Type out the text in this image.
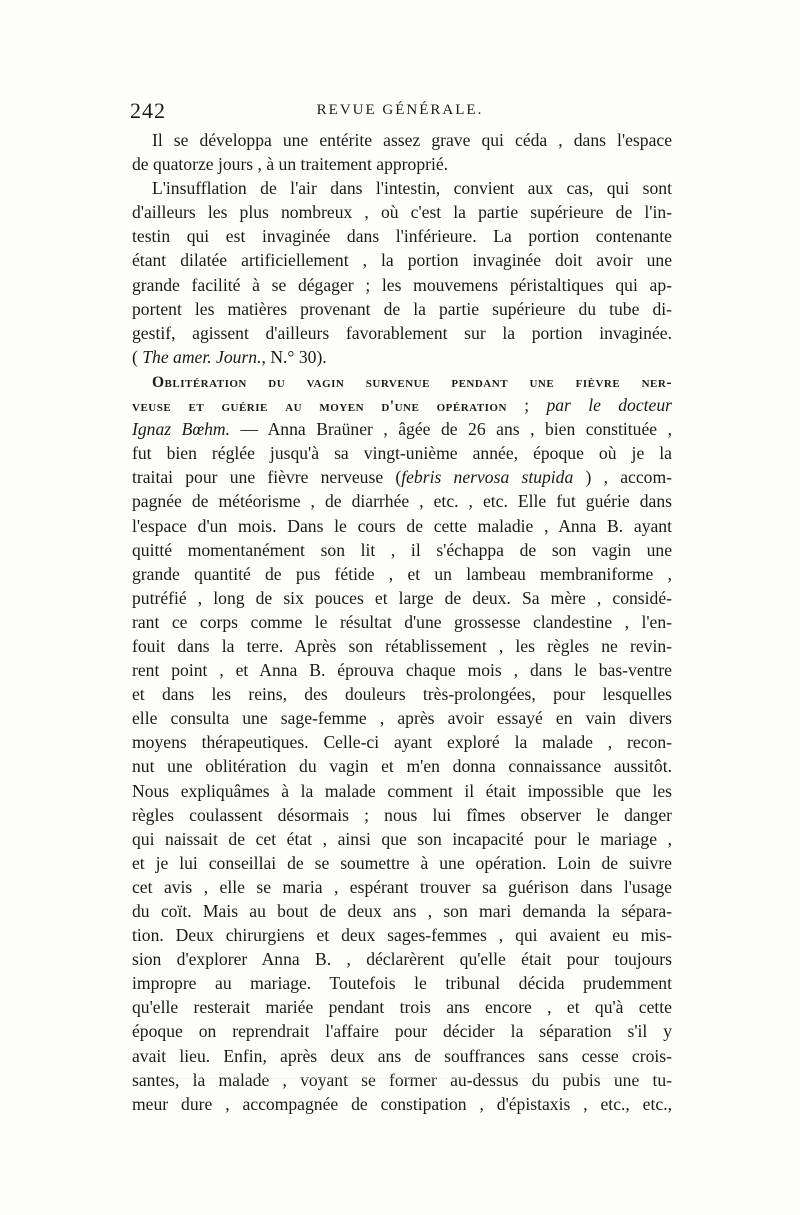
242	REVUE GÉNÉRALE.
Il se développa une entérite assez grave qui céda , dans l'espace
de quatorze jours , à un traitement approprié.
L'insufflation de l'air dans l'intestin, convient aux cas, qui sont
d'ailleurs les plus nombreux , où c'est la partie supérieure de l'in-
testin qui est invaginée dans l'inférieure. La portion contenante
étant dilatée artificiellement , la portion invaginée doit avoir une
grande facilité à se dégager ; les mouvemens péristaltiques qui ap-
portent les matières provenant de la partie supérieure du tube di-
gestif, agissent d'ailleurs favorablement sur la portion invaginée.
( The amer. Journ., N.° 30).
Oblitération du vagin survenue pendant une fièvre ner-
veuse et guérie au moyen d'une opération ; par le docteur
Ignaz Bœhm. — Anna Braüner , âgée de 26 ans , bien constituée ,
fut bien réglée jusqu'à sa vingt-unième année, époque où je la
traitai pour une fièvre nerveuse (febris nervosa stupida ) , accom-
pagnée de météorisme , de diarrhée , etc. , etc. Elle fut guérie dans
l'espace d'un mois. Dans le cours de cette maladie , Anna B. ayant
quitté momentanément son lit , il s'échappa de son vagin une
grande quantité de pus fétide , et un lambeau membraniforme ,
putréfié , long de six pouces et large de deux. Sa mère , considé-
rant ce corps comme le résultat d'une grossesse clandestine , l'en-
fouit dans la terre. Après son rétablissement , les règles ne revin-
rent point , et Anna B. éprouva chaque mois , dans le bas-ventre
et dans les reins, des douleurs très-prolongées, pour lesquelles
elle consulta une sage-femme , après avoir essayé en vain divers
moyens thérapeutiques. Celle-ci ayant exploré la malade , recon-
nut une oblitération du vagin et m'en donna connaissance aussitôt.
Nous expliquâmes à la malade comment il était impossible que les
règles coulassent désormais ; nous lui fîmes observer le danger
qui naissait de cet état , ainsi que son incapacité pour le mariage ,
et je lui conseillai de se soumettre à une opération. Loin de suivre
cet avis , elle se maria , espérant trouver sa guérison dans l'usage
du coït. Mais au bout de deux ans , son mari demanda la sépara-
tion. Deux chirurgiens et deux sages-femmes , qui avaient eu mis-
sion d'explorer Anna B. , déclarèrent qu'elle était pour toujours
impropre au mariage. Toutefois le tribunal décida prudemment
qu'elle resterait mariée pendant trois ans encore , et qu'à cette
époque on reprendrait l'affaire pour décider la séparation s'il y
avait lieu. Enfin, après deux ans de souffrances sans cesse crois-
santes, la malade , voyant se former au-dessus du pubis une tu-
meur dure , accompagnée de constipation , d'épistaxis , etc., etc.,
